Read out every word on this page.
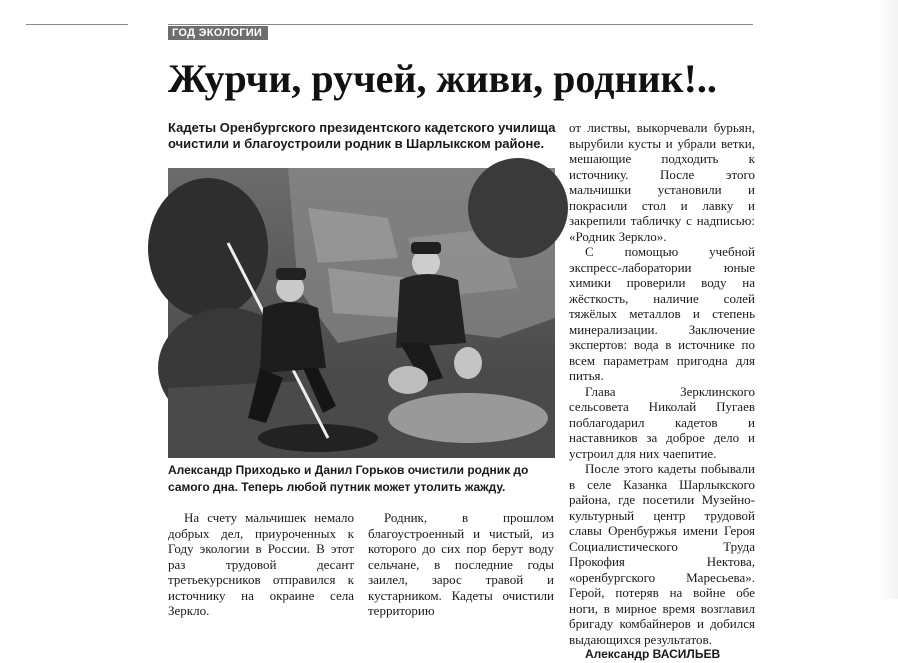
ГОД ЭКОЛОГИИ
Журчи, ручей, живи, родник!..
Кадеты Оренбургского президентского кадетского училища очистили и благоустроили родник в Шарлыкском районе.
Александр Приходько и Данил Горьков очистили родник до самого дна. Теперь любой путник может утолить жажду.

На счету мальчишек немало добрых дел, приуроченных к Году экологии в России. В этот раз трудовой десант третьекурсников отправился к источнику на окраине села Зеркло.

Родник, в прошлом благоустроенный и чистый, из которого до сих пор берут воду сельчане, в последние годы заилел, зарос травой и кустарником. Кадеты очистили территорию

от листвы, выкорчевали бурьян, вырубили кусты и убрали ветки, мешающие подходить к источнику. После этого мальчишки установили и покрасили стол и лавку и закрепили табличку с надписью: «Родник Зеркло».

С помощью учебной экспресс-лаборатории юные химики проверили воду на жёсткость, наличие солей тяжёлых металлов и степень минерализации. Заключение экспертов: вода в источнике по всем параметрам пригодна для питья.

Глава Зерклинского сельсовета Николай Пугаев поблагодарил кадетов и наставников за доброе дело и устроил для них чаепитие.

После этого кадеты побывали в селе Казанка Шарлыкского района, где посетили Музейно-культурный центр трудовой славы Оренбуржья имени Героя Социалистического Труда Прокофия Нектова, «оренбургского Маресьева». Герой, потеряв на войне обе ноги, в мирное время возглавил бригаду комбайнеров и добился выдающихся результатов.

Александр ВАСИЛЬЕВ
